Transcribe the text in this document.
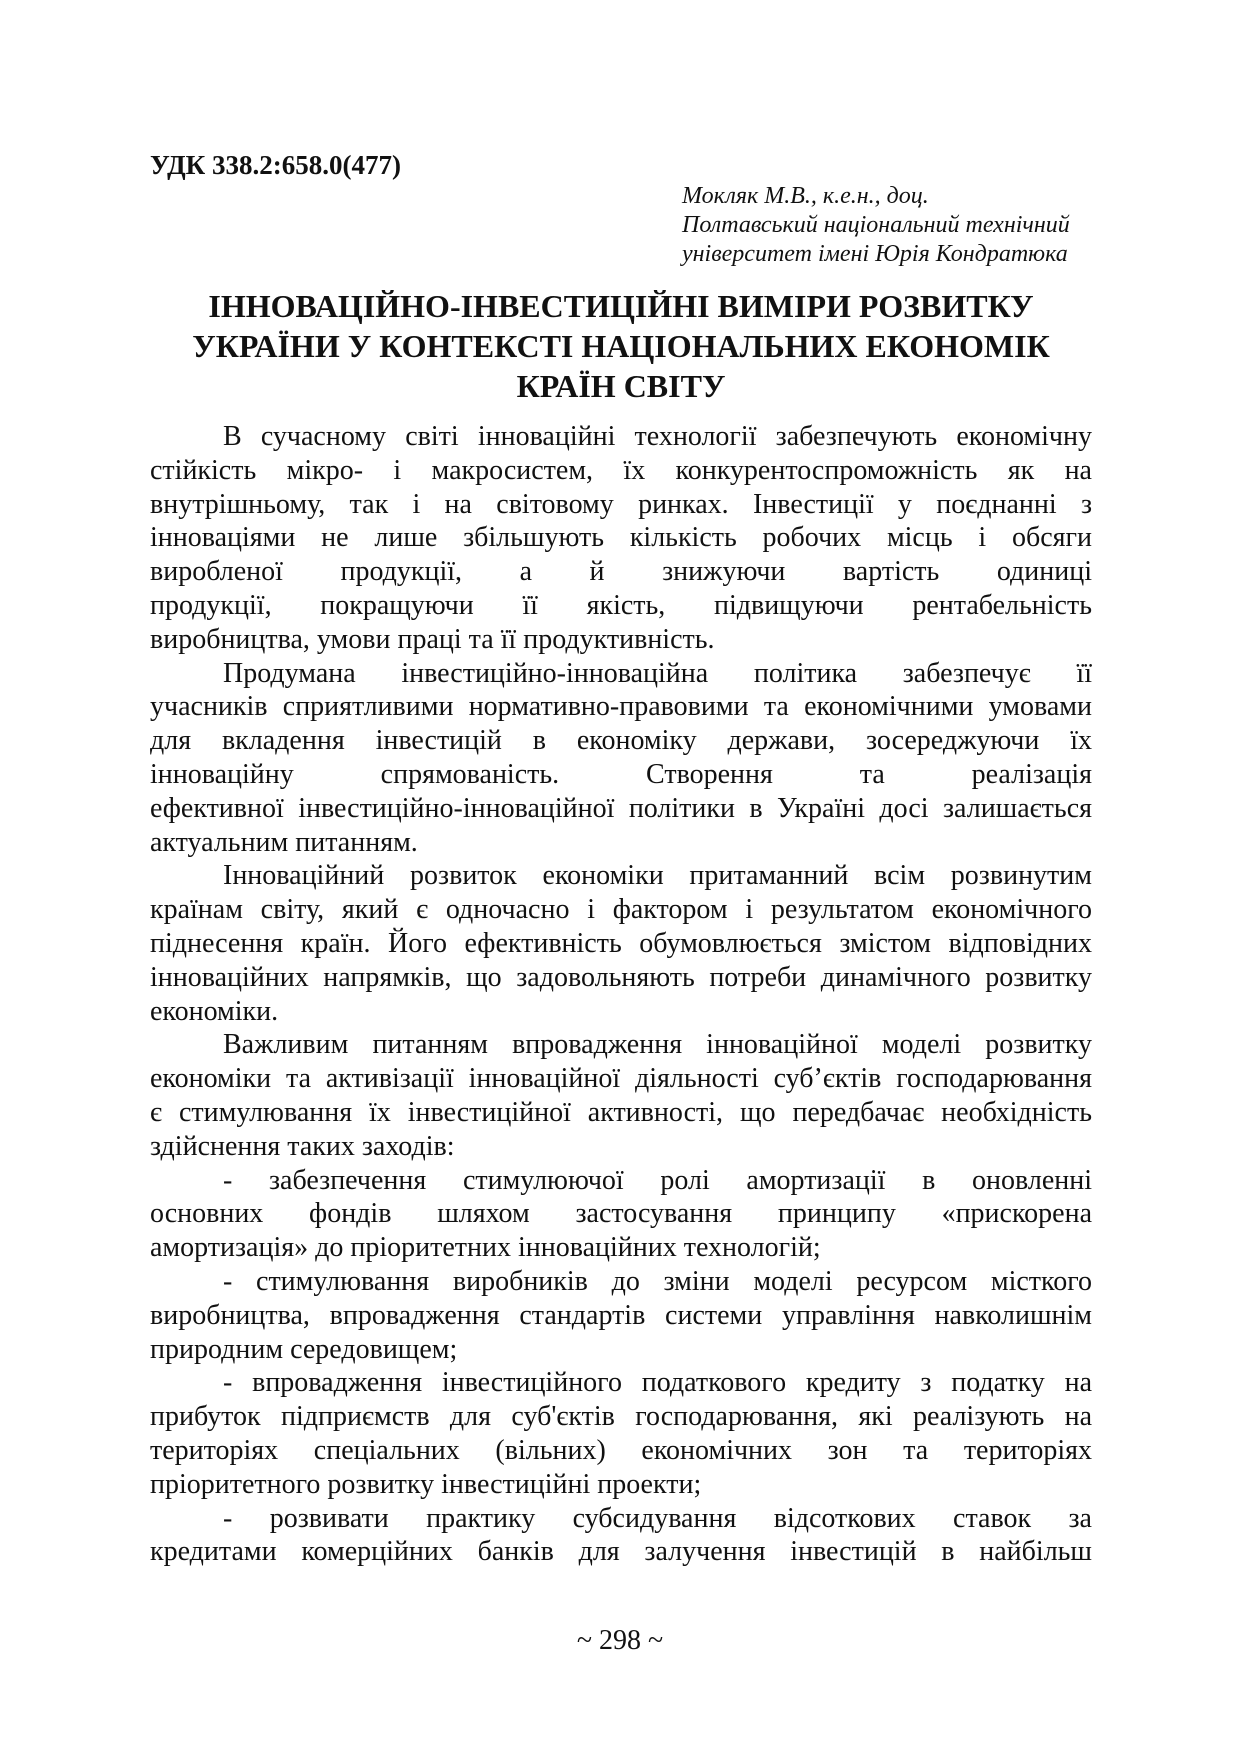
УДК 338.2:658.0(477)
Мокляк М.В., к.е.н., доц.
Полтавський національний технічний
університет імені Юрія Кондратюка
ІННОВАЦІЙНО-ІНВЕСТИЦІЙНІ ВИМІРИ РОЗВИТКУ
УКРАЇНИ У КОНТЕКСТІ НАЦІОНАЛЬНИХ ЕКОНОМІК
КРАЇН СВІТУ
В сучасному світі інноваційні технології забезпечують економічну
стійкість мікро- і макросистем, їх конкурентоспроможність як на
внутрішньому, так і на світовому ринках. Інвестиції у поєднанні з
інноваціями не лише збільшують кількість робочих місць і обсяги
виробленої продукції, а й знижуючи вартість одиниці
продукції, покращуючи її якість, підвищуючи рентабельність
виробництва, умови праці та її продуктивність.
Продумана інвестиційно-інноваційна політика забезпечує її
учасників сприятливими нормативно-правовими та економічними умовами
для вкладення інвестицій в економіку держави, зосереджуючи їх
інноваційну спрямованість. Створення та реалізація
ефективної інвестиційно-інноваційної політики в Україні досі залишається
актуальним питанням.
Інноваційний розвиток економіки притаманний всім розвинутим
країнам світу, який є одночасно і фактором і результатом економічного
піднесення країн. Його ефективність обумовлюється змістом відповідних
інноваційних напрямків, що задовольняють потреби динамічного розвитку
економіки.
Важливим питанням впровадження інноваційної моделі розвитку
економіки та активізації інноваційної діяльності суб’єктів господарювання
є стимулювання їх інвестиційної активності, що передбачає необхідність
здійснення таких заходів:
- забезпечення стимулюючої ролі амортизації в оновленні
основних фондів шляхом застосування принципу «прискорена
амортизація» до пріоритетних інноваційних технологій;
- стимулювання виробників до зміни моделі ресурсом місткого
виробництва, впровадження стандартів системи управління навколишнім
природним середовищем;
- впровадження інвестиційного податкового кредиту з податку на
прибуток підприємств для суб'єктів господарювання, які реалізують на
територіях спеціальних (вільних) економічних зон та територіях
пріоритетного розвитку інвестиційні проекти;
- розвивати практику субсидування відсоткових ставок за
кредитами комерційних банків для залучення інвестицій в найбільш
~ 298 ~
